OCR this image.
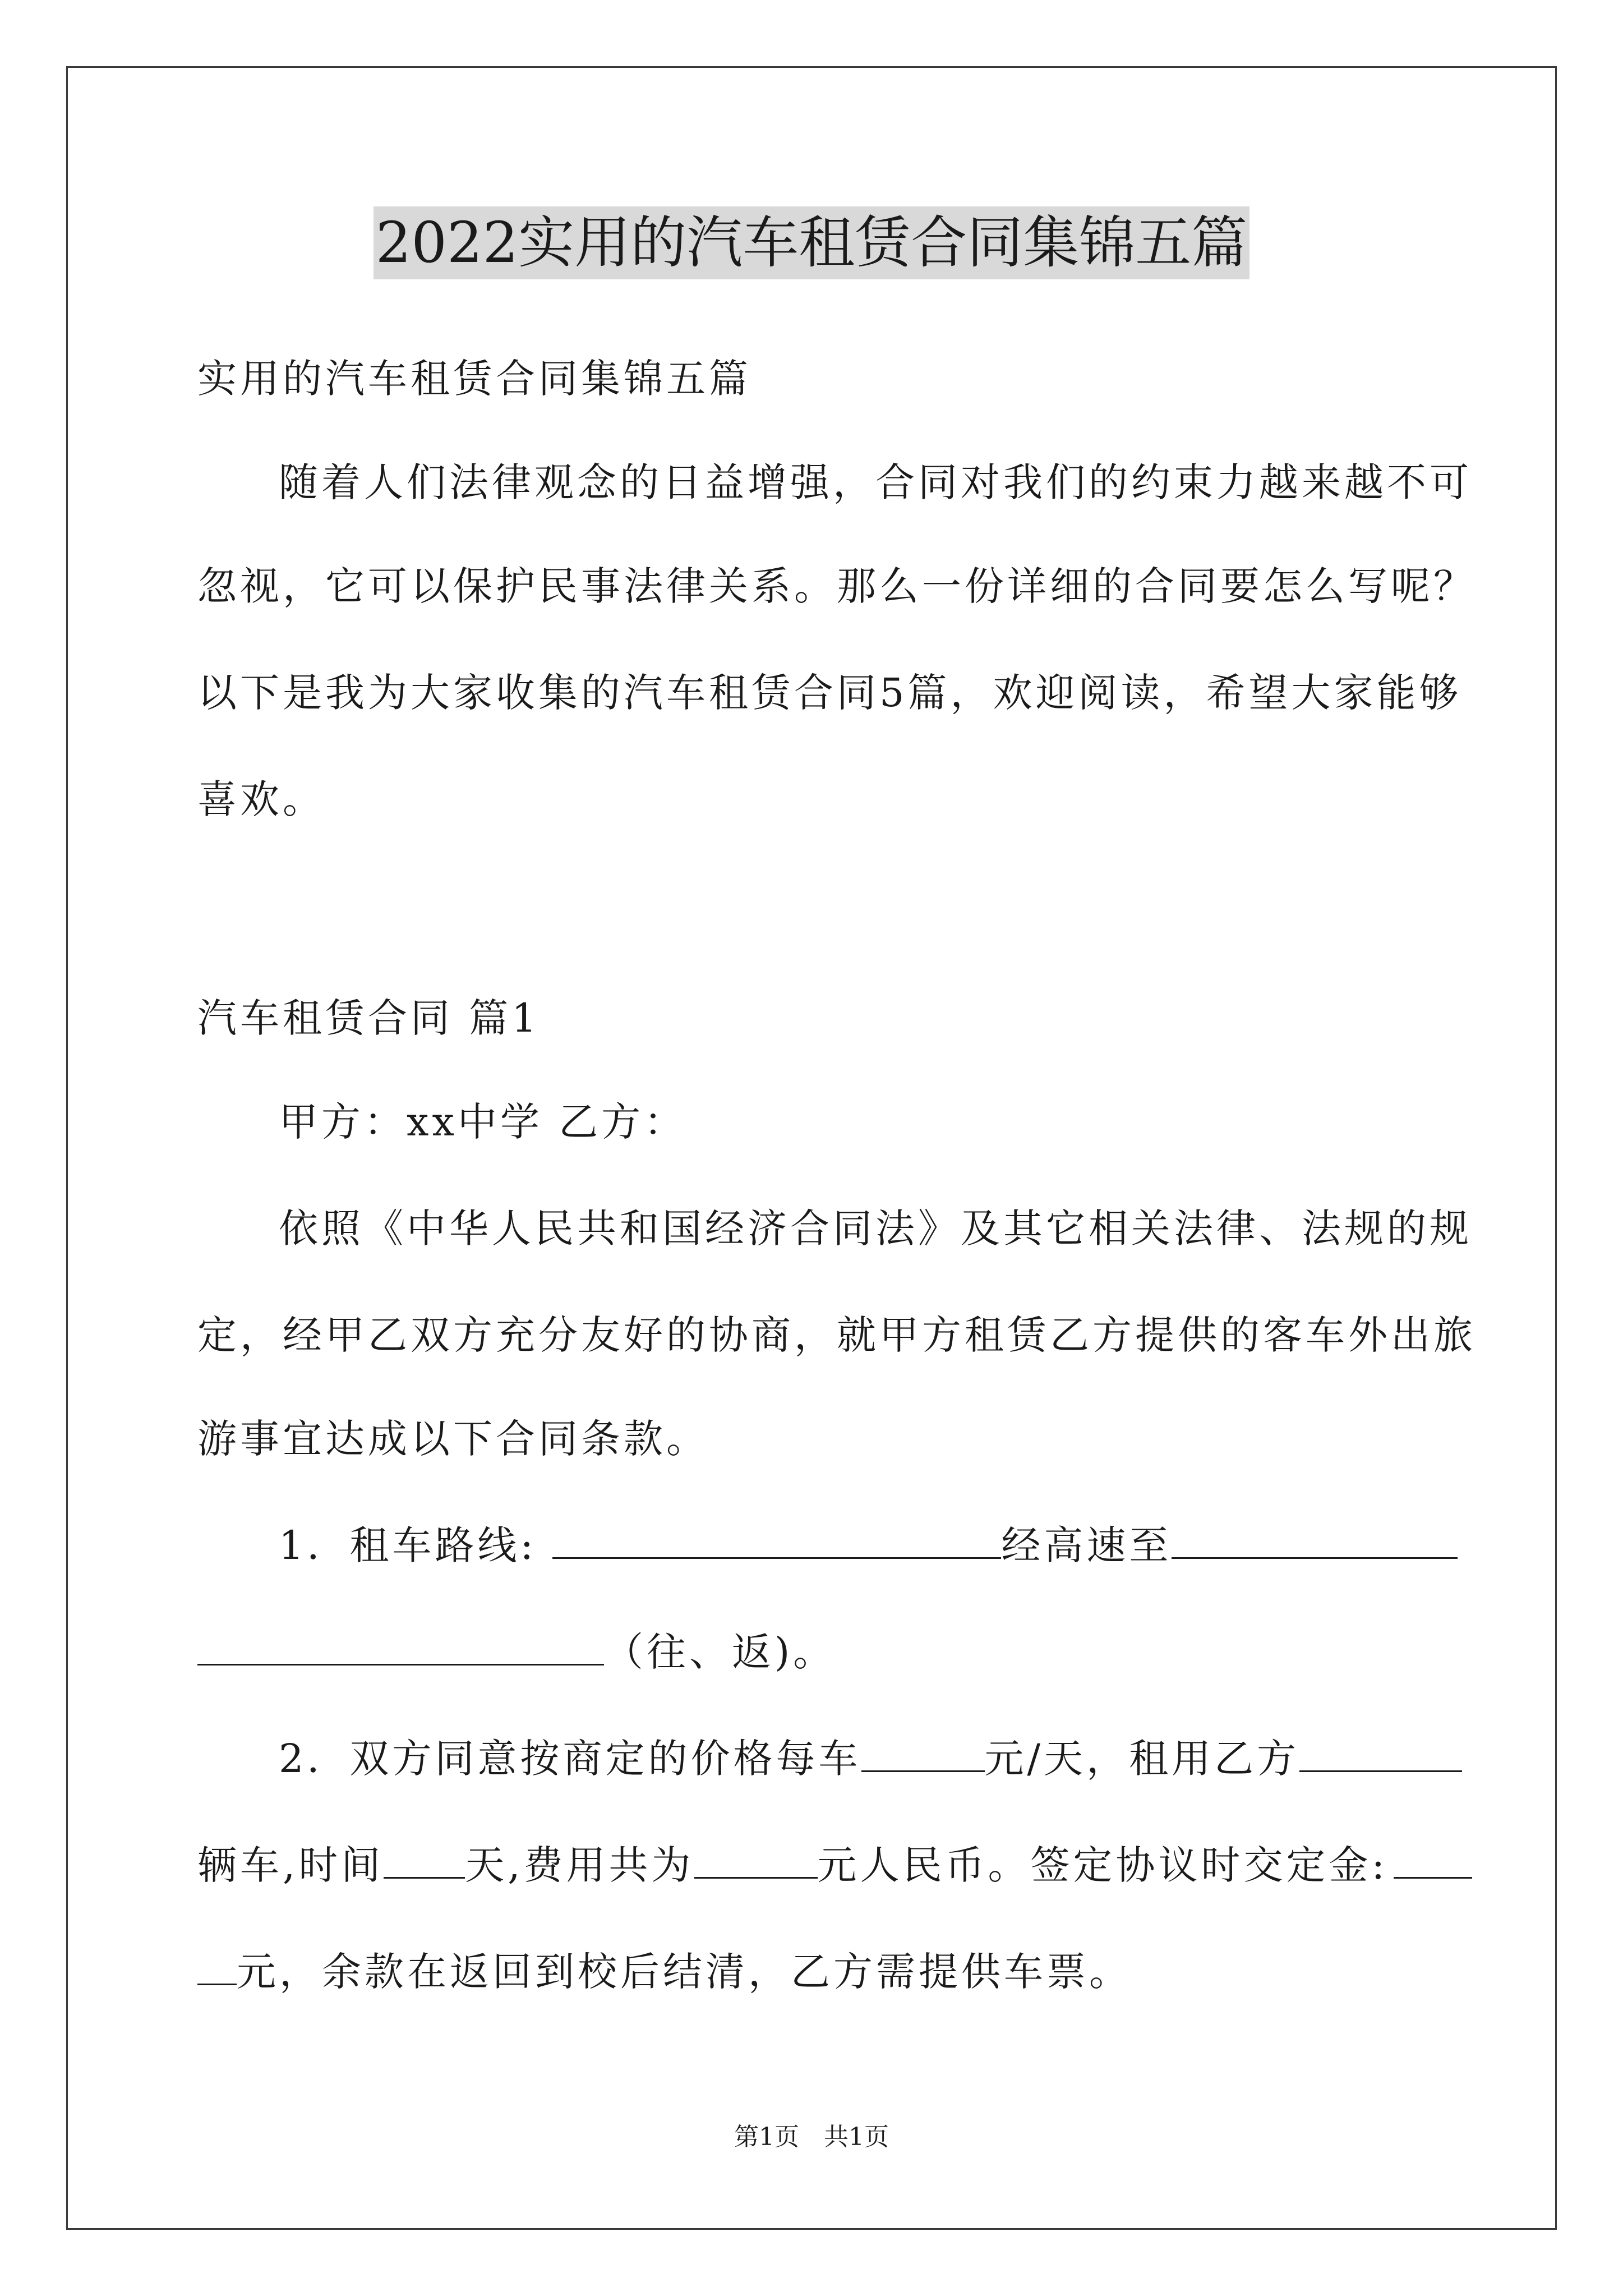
2022实用的汽车租赁合同集锦五篇
实用的汽车租赁合同集锦五篇
随着人们法律观念的日益增强，合同对我们的约束力越来越不可
忽视，它可以保护民事法律关系。那么一份详细的合同要怎么写呢？
以下是我为大家收集的汽车租赁合同5篇，欢迎阅读，希望大家能够
喜欢。
汽车租赁合同 篇1
甲方：xx中学 乙方：
依照《中华人民共和国经济合同法》及其它相关法律、法规的规
定，经甲乙双方充分友好的协商，就甲方租赁乙方提供的客车外出旅
游事宜达成以下合同条款。
1．租车路线:	经高速至
（往、返)。
2．双方同意按商定的价格每车	元/天，租用乙方
辆车,时间 天,费用共为	元人民币。签定协议时交定金:
元，余款在返回到校后结清，乙方需提供车票。
第1页　共1页
